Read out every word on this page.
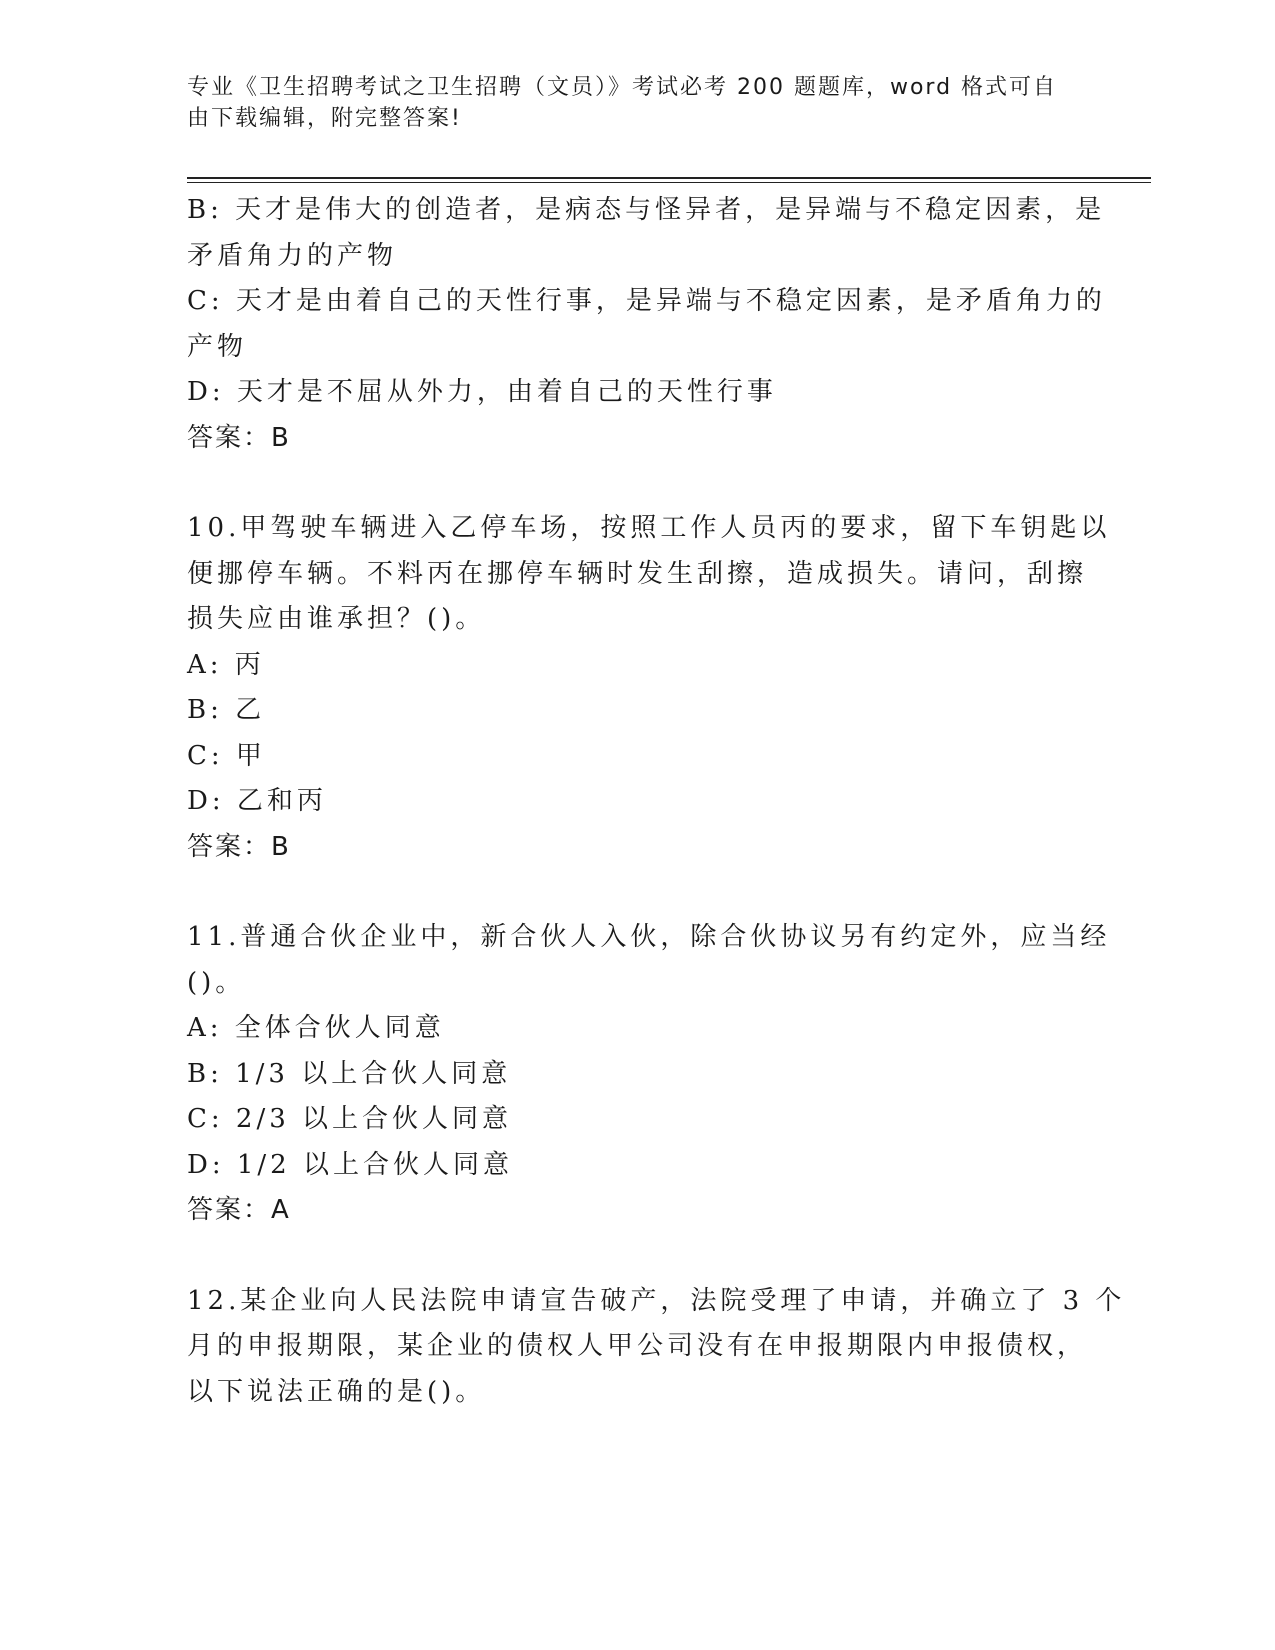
专业《卫生招聘考试之卫生招聘（文员）》考试必考 200 题题库，word 格式可自
由下载编辑，附完整答案!
B: 天才是伟大的创造者，是病态与怪异者，是异端与不稳定因素，是
矛盾角力的产物
C: 天才是由着自己的天性行事，是异端与不稳定因素，是矛盾角力的
产物
D: 天才是不屈从外力，由着自己的天性行事
答案：B
10.甲驾驶车辆进入乙停车场，按照工作人员丙的要求，留下车钥匙以
便挪停车辆。不料丙在挪停车辆时发生刮擦，造成损失。请问，刮擦
损失应由谁承担？()。
A: 丙
B: 乙
C: 甲
D: 乙和丙
答案：B
11.普通合伙企业中，新合伙人入伙，除合伙协议另有约定外，应当经
()。
A: 全体合伙人同意
B: 1/3 以上合伙人同意
C: 2/3 以上合伙人同意
D: 1/2 以上合伙人同意
答案：A
12.某企业向人民法院申请宣告破产，法院受理了申请，并确立了 3 个
月的申报期限，某企业的债权人甲公司没有在申报期限内申报债权，
以下说法正确的是()。
